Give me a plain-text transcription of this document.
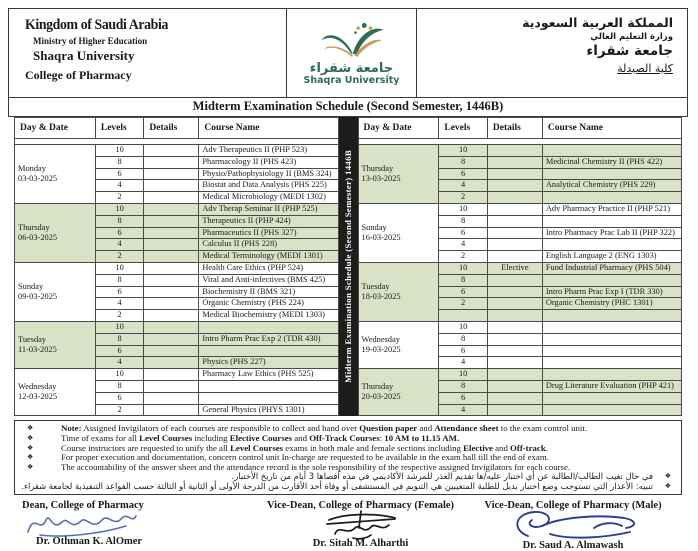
Kingdom of Saudi Arabia
Ministry of Higher Education
Shaqra University
College of Pharmacy	جامعة شقراء
Shaqra University
المملكة العربية السعودية
وزارة التعليم العالي
جامعة شقراء
كلية الصيدلة
Midterm Examination Schedule (Second Semester, 1446B)
Day & Date	Levels	Details	Course Name

Monday
03-03-2025	10		Adv Therapeutics II (PHP 523)
	8		Pharmacology II (PHS 423)
	6		Physio/Pathophysiology II (BMS 324)
	4		Biostat and Data Analysis (PHS 225)
	2		Medical Microbiology (MEDI 1302)

Thursday
06-03-2025	10		Adv Therap Seminar II (PHP 525)
	8		Therapeutics II (PHP 424)
	6		Pharmaceutics II (PHS 327)
	4		Calculus II (PHS 228)
	2		Medical Terminology (MEDI 1301)

Sunday
09-03-2025	10		Health Care Ethics (PHP 524)
	8		Viral and Anti-infectives (BMS 425)
	6		Biochemistry II (BMS 321)
	4		Organic Chemistry (PHS 224)
	2		Medical Biochemistry (MEDI 1303)

Tuesday
11-03-2025	10		
	8		Intro Pharm Prac Exp 2 (TDR 430)
	6		
	4		Physics (PHS 227)

Wednesday
12-03-2025	10		Pharmacy Law Ethics (PHS 525)
	8		
	6		
	2		General Physics (PHYS 1301)
Midterm Examination Schedule (Second Semester) 1446B
Day & Date	Levels	Details	Course Name

Thursday
13-03-2025	10		
	8		Medicinal Chemistry II (PHS 422)
	6		
	4		Analytical Chemistry (PHS 229)
	2		

Sunday
16-03-2025	10		Adv Pharmacy Practice II (PHP 521)
	8		
	6		Intro Pharmacy Prac Lab II (PHP 322)
	4		
	2		English Language 2 (ENG 1303)

Tuesday
18-03-2025	10	Elective	Fund Industrial Pharmacy (PHS 504)
	8		
	6		Intro Pharm Prac Exp I (TDR 330)
	2		Organic Chemistry (PHC 1301)

Wednesday
19-03-2025	10		
	8		
	6		
	4		

Thursday
20-03-2025	10		
	8		Drug Literature Evaluation (PHP 421)
	6		
	4		
❖	Note: Assigned Invigilators of each courses are responsible to collect and hand over Question paper and Attendance sheet to the exam control unit.
❖	Time of exams for all Level Courses including Elective Courses and Off-Track Courses: 10 AM to 11.15 AM.
❖	Course instructors are requested to unify the all Level Courses exams in both male and female sections including Elective and Off-track.
❖	For proper execution and documentation, concern control unit In-charge are requested to be available in the exam hall till the end of exam.
❖	The accountability of the answer sheet and the attendance record is the sole responsibility of the respective assigned Invigilators for each course.
❖
في حال تغيب الطالب/الطالبة عن أي اختبار عليه/ها تقديم العذر للمرشد الأكاديمي في مده أقصاها 3 أيام من تاريخ الأختبار.
❖
تنبيه: الأعذار التي تستوجب وضع اختبار بديل للطلبة المتغيبين هي التنويم في المستشفى أو وفاة أحد الأقارب من الدرجة الأولى أو الثانية أو الثالثة حسب القواعد التنفيذية لجامعة شقراء.
Dean, College of Pharmacy
Dr. Othman K. AlOmer
Vice-Dean, College of Pharmacy (Female)
Dr. Sitah M. Alharthi
Vice-Dean, College of Pharmacy (Male)
Dr. Saud A. Almawash
